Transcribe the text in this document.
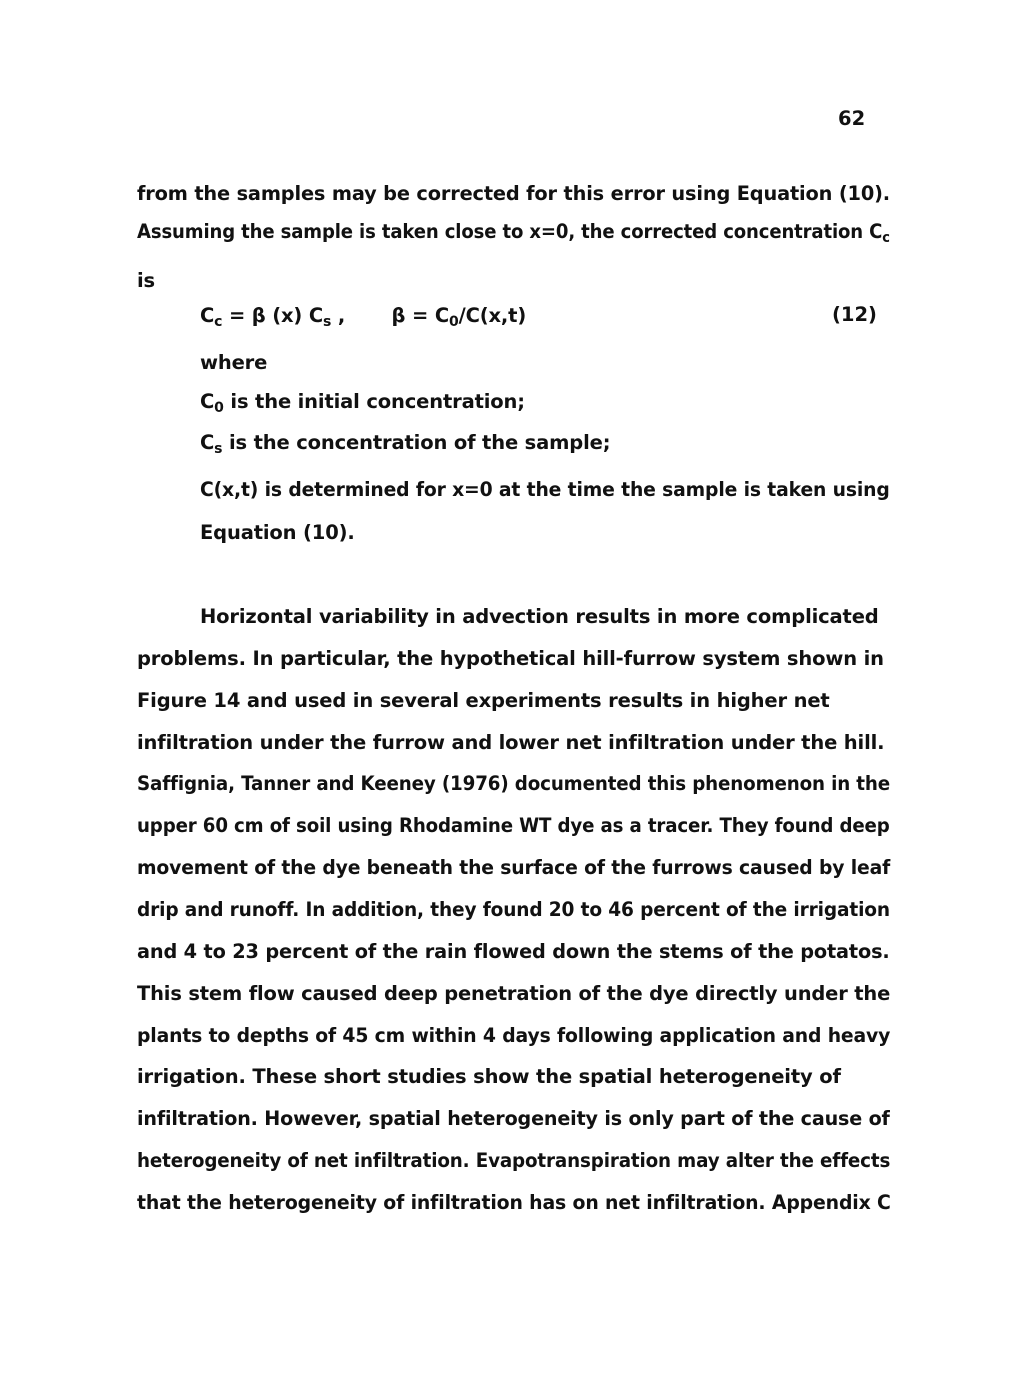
62
from the samples may be corrected for this error using Equation (10).
Assuming the sample is taken close to x=0, the corrected concentration $C_c$
is
$C_c = \beta$ (x) $C_s$ ,       $\beta = C_0/C(x,t)$	(12)
where
$C_0$ is the initial concentration;
$C_s$ is the concentration of the sample;
C(x,t) is determined for x=0 at the time the sample is taken using
Equation (10).
Horizontal variability in advection results in more complicated
problems. In particular, the hypothetical hill-furrow system shown in
Figure 14 and used in several experiments results in higher net
infiltration under the furrow and lower net infiltration under the hill.
Saffignia, Tanner and Keeney (1976) documented this phenomenon in the
upper 60 cm of soil using Rhodamine WT dye as a tracer. They found deep
movement of the dye beneath the surface of the furrows caused by leaf
drip and runoff. In addition, they found 20 to 46 percent of the irrigation
and 4 to 23 percent of the rain flowed down the stems of the potatos.
This stem flow caused deep penetration of the dye directly under the
plants to depths of 45 cm within 4 days following application and heavy
irrigation. These short studies show the spatial heterogeneity of
infiltration. However, spatial heterogeneity is only part of the cause of
heterogeneity of net infiltration. Evapotranspiration may alter the effects
that the heterogeneity of infiltration has on net infiltration. Appendix C
